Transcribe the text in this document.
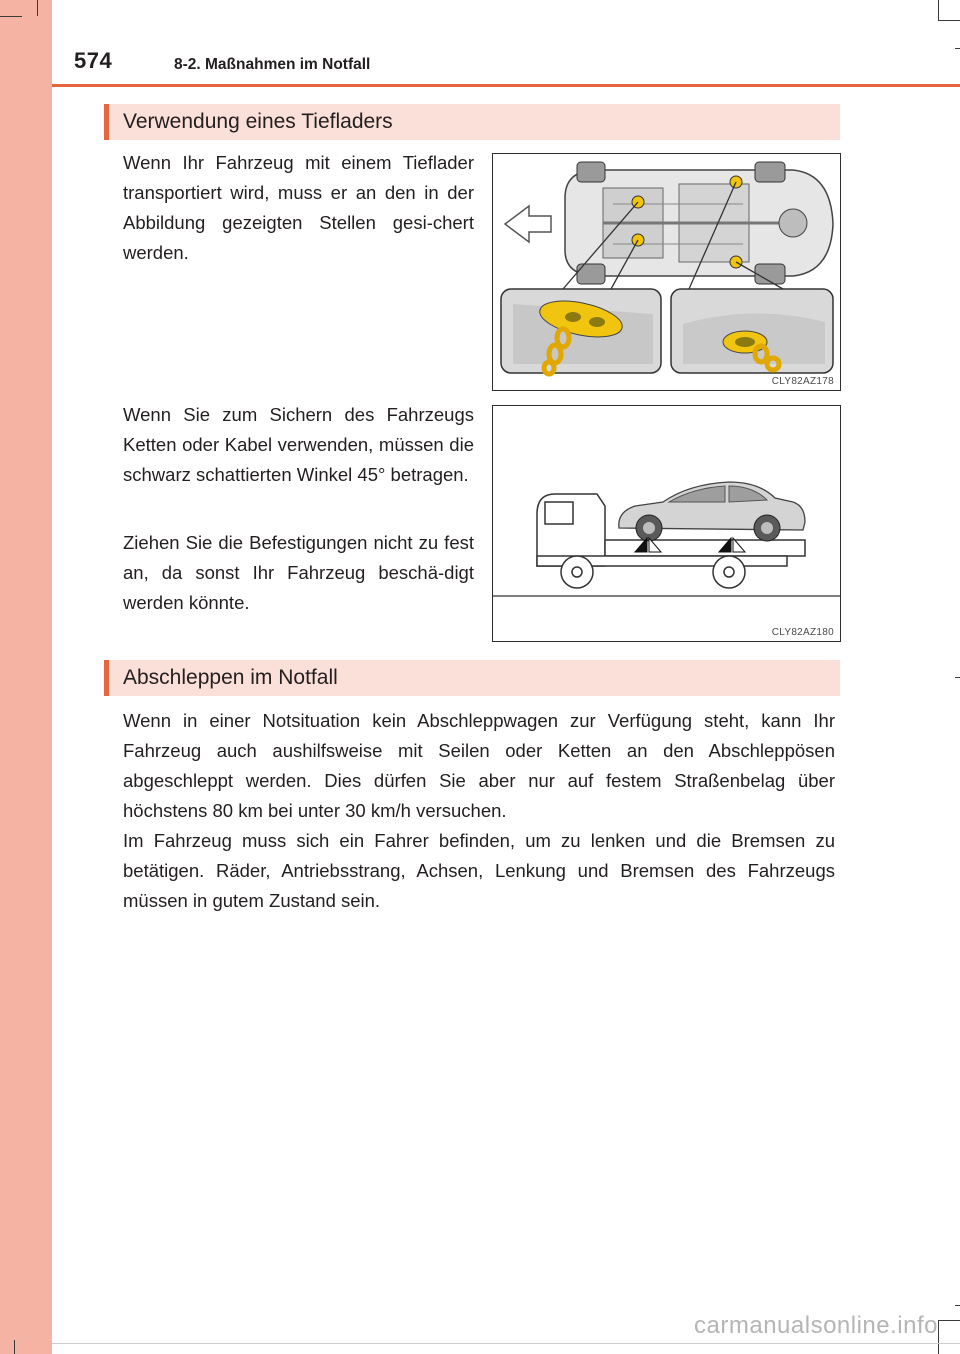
574	8-2. Maßnahmen im Notfall
Verwendung eines Tiefladers

Wenn Ihr Fahrzeug mit einem Tieflader transportiert wird, muss er an den in der Abbildung gezeigten Stellen gesi-chert werden.

Wenn Sie zum Sichern des Fahrzeugs Ketten oder Kabel verwenden, müssen die schwarz schattierten Winkel 45° betragen.

Ziehen Sie die Befestigungen nicht zu fest an, da sonst Ihr Fahrzeug beschä-digt werden könnte.

CLY82AZ178
CLY82AZ180
Abschleppen im Notfall

Wenn in einer Notsituation kein Abschleppwagen zur Verfügung steht, kann Ihr Fahrzeug auch aushilfsweise mit Seilen oder Ketten an den Abschleppösen abgeschleppt werden. Dies dürfen Sie aber nur auf festem Straßenbelag über höchstens 80 km bei unter 30 km/h versuchen.

Im Fahrzeug muss sich ein Fahrer befinden, um zu lenken und die Bremsen zu betätigen. Räder, Antriebsstrang, Achsen, Lenkung und Bremsen des Fahrzeugs müssen in gutem Zustand sein.

carmanualsonline.info
